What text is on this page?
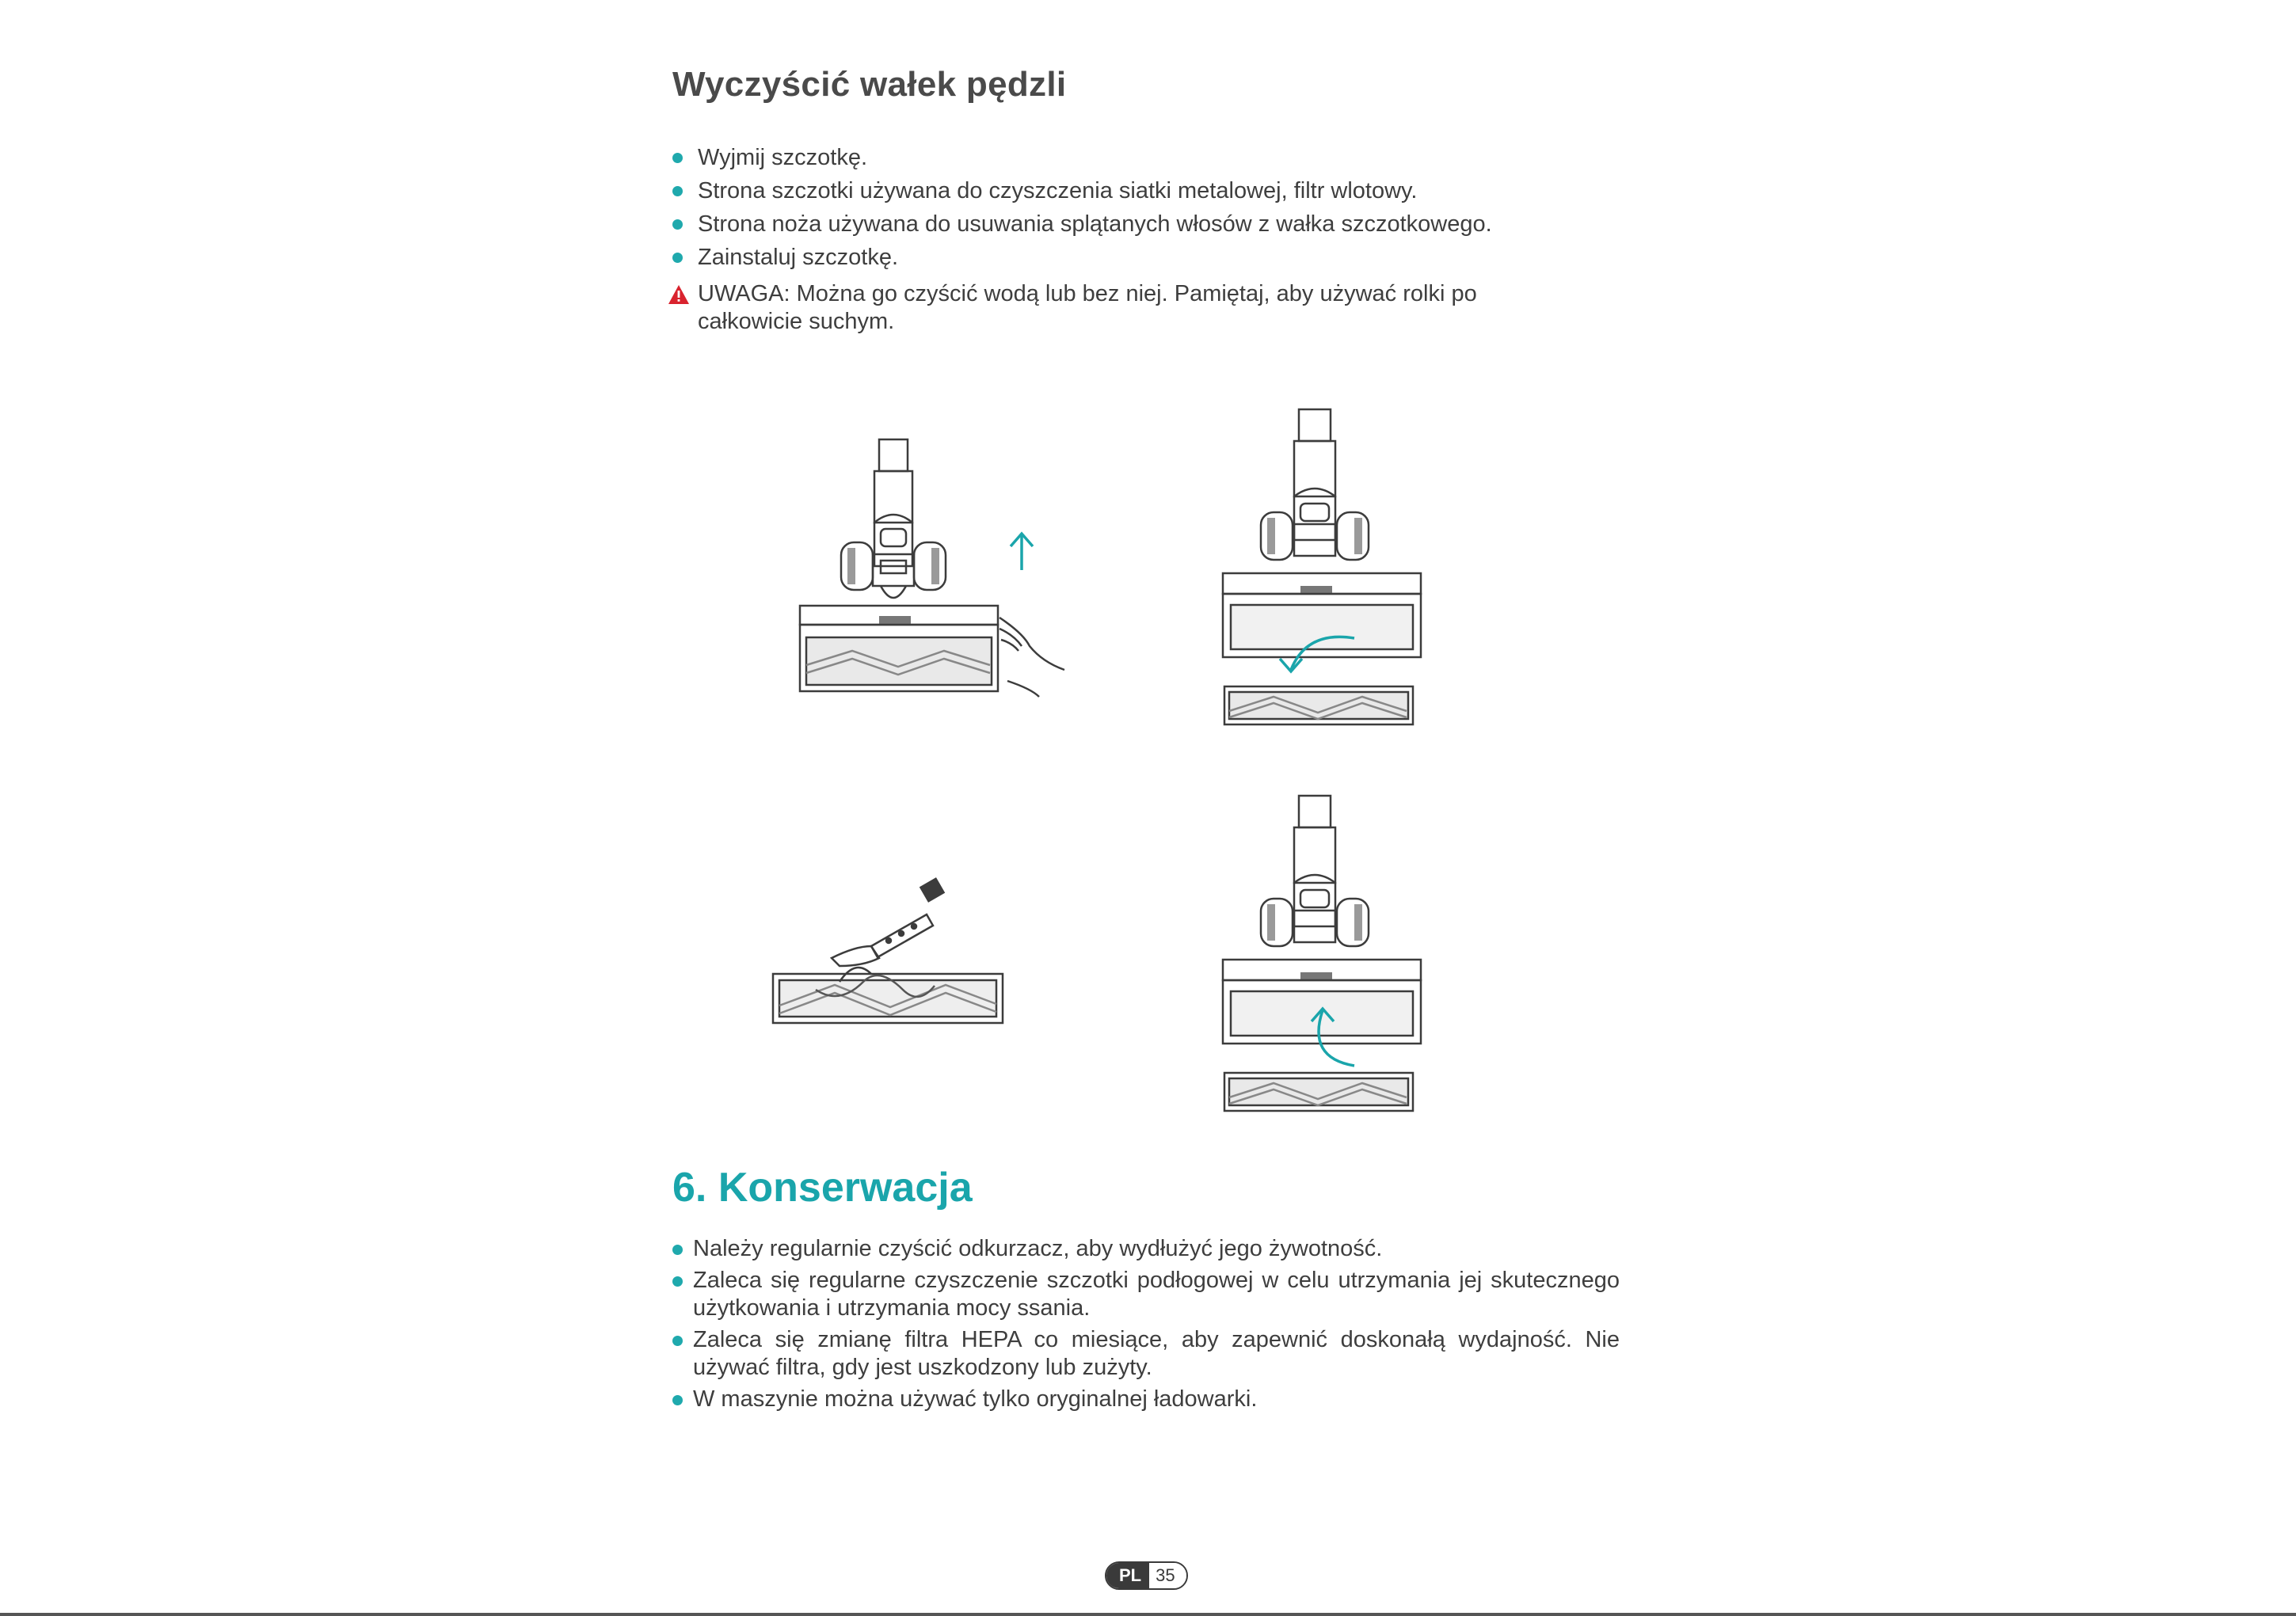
Wyczyścić wałek pędzli
Wyjmij szczotkę.
Strona szczotki używana do czyszczenia siatki metalowej, filtr wlotowy.
Strona noża używana do usuwania splątanych włosów z wałka szczotkowego.
Zainstaluj szczotkę.

UWAGA: Można go czyścić wodą lub bez niej. Pamiętaj, aby używać rolki po całkowicie suchym.

6. Konserwacja
Należy regularnie czyścić odkurzacz, aby wydłużyć jego żywotność.
Zaleca się regularne czyszczenie szczotki podłogowej w celu utrzymania jej skutecznego użytkowania i utrzymania mocy ssania.
Zaleca się zmianę filtra HEPA co miesiące, aby zapewnić doskonałą wydajność. Nie używać filtra, gdy jest uszkodzony lub zużyty.
W maszynie można używać tylko oryginalnej ładowarki.
PL 35
